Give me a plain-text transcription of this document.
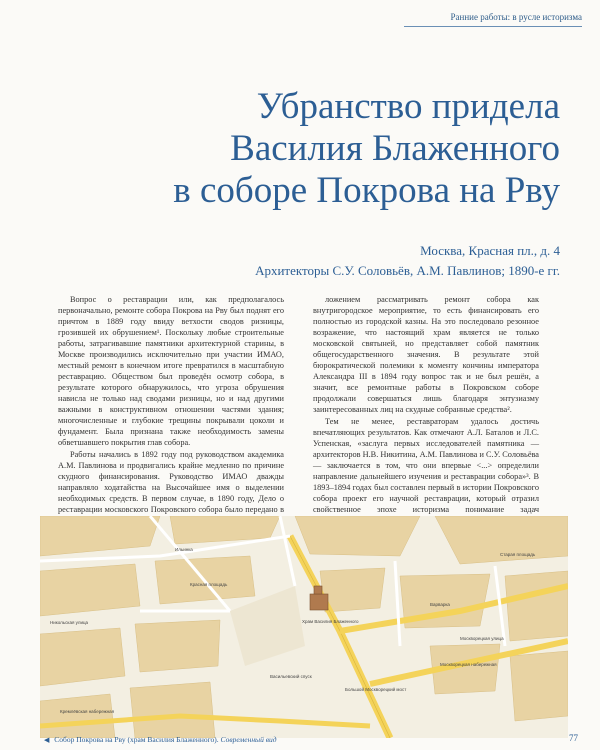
Ранние работы: в русле историзма
Убранство придела
Василия Блаженного
в соборе Покрова на Рву
Москва, Красная пл., д. 4
Архитекторы С.У. Соловьёв, А.М. Павлинов; 1890-е гг.

Вопрос о реставрации или, как предполагалось первоначально, ремонте собора Покрова на Рву был поднят его причтом в 1889 году ввиду ветхости сводов ризницы, грозившей их обрушением¹. Поскольку любые строительные работы, затрагивавшие памятники архитектурной старины, в Москве производились исключительно при участии ИМАО, местный ремонт в конечном итоге превратился в масштабную реставрацию. Обществом был проведён осмотр собора, в результате которого обнаружилось, что угроза обрушения нависла не только над сводами ризницы, но и над другими важными в конструктивном отношении частями здания; многочисленные и глубокие трещины покрывали цоколи и фундамент. Была признана также необходимость замены обветшавшего покрытия глав собора.

Работы начались в 1892 году под руководством академика А.М. Павлинова и продвигались крайне медленно по причине скудного финансирования. Руководство ИМАО дважды направляло ходатайства на Высочайшее имя о выделении необходимых средств. В первом случае, в 1890 году, Дело о реставрации московского Покровского собора было передано в

ложением рассматривать ремонт собора как внутригородское мероприятие, то есть финансировать его полностью из городской казны. На это последовало резонное возражение, что настоящий храм является не только московской святыней, но представляет собой памятник общегосударственного значения. В результате этой бюрократической полемики к моменту кончины императора Александра III в 1894 году вопрос так и не был решён, а значит, все ремонтные работы в Покровском соборе продолжали совершаться лишь благодаря энтузиазму заинтересованных лиц на скудные собранные средства².

Тем не менее, реставраторам удалось достичь впечатляющих результатов. Как отмечают А.Л. Баталов и Л.С. Успенская, «заслуга первых исследователей памятника — архитекторов Н.В. Никитина, А.М. Павлинова и С.У. Соловьёва — заключается в том, что они впервые <...> определили направление дальнейшего изучения и реставрации собора»³. В 1893–1894 годах был составлен первый в истории Покровского собора проект его научной реставрации, который отразил свойственное эпохе историзма понимание задач

Храм Василия Блаженного
Красная площадь
Варварка
Москворецкая улица
Ильинка
Никольская улица
Большой Москворецкий мост
Москворецкая набережная
Кремлёвская набережная
Васильевский спуск
Старая площадь
◀ Собор Покрова на Рву (храм Василия Блаженного). Современный вид	77
